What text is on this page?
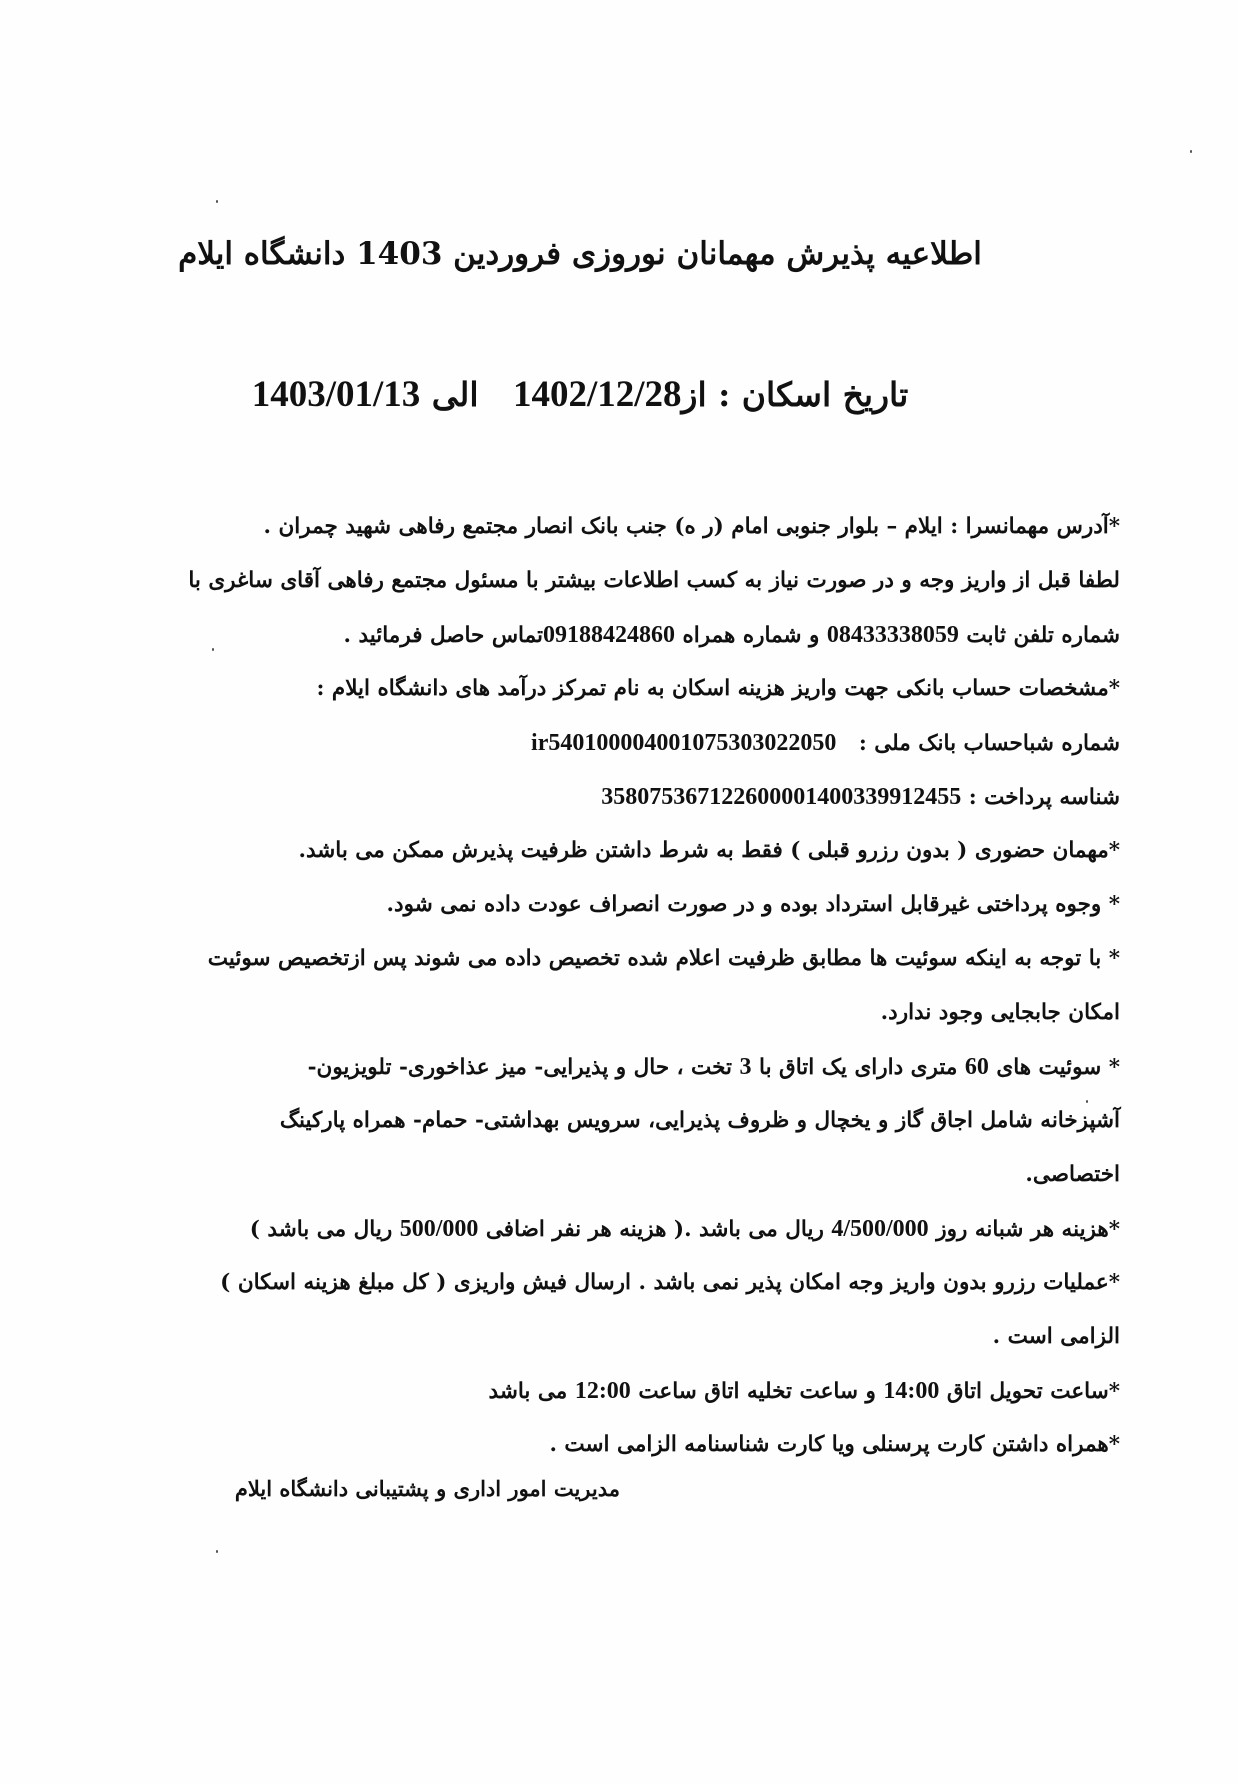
اطلاعیه پذیرش مهمانان نوروزی فروردین 1403 دانشگاه ایلام
تاریخ اسکان : از1402/12/28   الی 1403/01/13
*آدرس مهمانسرا : ایلام – بلوار جنوبی امام (ر ه) جنب بانک انصار مجتمع رفاهی شهید چمران .
لطفا قبل از واریز وجه و در صورت نیاز به کسب اطلاعات بیشتر با مسئول مجتمع رفاهی آقای ساغری با
شماره تلفن ثابت 08433338059 و شماره همراه 09188424860تماس حاصل فرمائید .
*مشخصات حساب بانکی جهت واریز هزینه اسکان به نام تمرکز درآمد های دانشگاه ایلام :
شماره شباحساب بانک ملی :   ir540100004001075303022050
شناسه پرداخت : 358075367122600001400339912455
*مهمان حضوری ( بدون رزرو قبلی ) فقط به شرط داشتن ظرفیت پذیرش ممکن می باشد.
* وجوه پرداختی غیرقابل استرداد بوده و در صورت انصراف عودت داده نمی شود.
* با توجه به اینکه سوئیت ها مطابق ظرفیت اعلام شده تخصیص داده می شوند پس ازتخصیص سوئیت
امکان جابجایی وجود ندارد.
* سوئیت های 60 متری دارای یک اتاق با 3 تخت ، حال و پذیرایی- میز عذاخوری- تلویزیون-
آشپزخانه شامل اجاق گاز و یخچال و ظروف پذیرایی، سرویس بهداشتی- حمام- همراه پارکینگ
اختصاصی.
*هزینه هر شبانه روز 4/500/000 ریال می باشد .( هزینه هر نفر اضافی 500/000 ریال می باشد )
*عملیات رزرو بدون واریز وجه امکان پذیر نمی باشد . ارسال فیش واریزی ( کل مبلغ هزینه اسکان )
الزامی است .
*ساعت تحویل اتاق 14:00 و ساعت تخلیه اتاق ساعت 12:00 می باشد
*همراه داشتن کارت پرسنلی ویا کارت شناسنامه الزامی است .
مدیریت امور اداری و پشتیبانی دانشگاه ایلام
